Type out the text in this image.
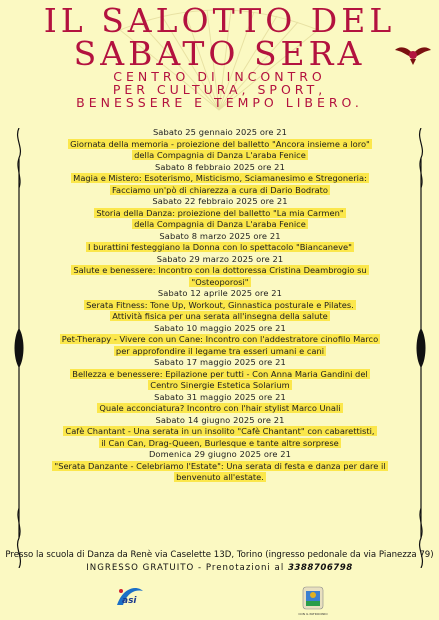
IL SALOTTO DEL
SABATO SERA
CENTRO DI INCONTRO
PER CULTURA, SPORT,
BENESSERE E TEMPO LIBERO.
Sabato 25 gennaio 2025 ore 21
Giornata della memoria - proiezione del balletto "Ancora insieme a loro"
della Compagnia di Danza L'araba Fenice
Sabato 8 febbraio 2025 ore 21
Magia e Mistero: Esoterismo, Misticismo, Sciamanesimo e Stregoneria:
Facciamo un'pò di chiarezza a cura di Dario Bodrato
Sabato 22 febbraio 2025 ore 21
Storia della Danza: proiezione del balletto "La mia Carmen"
della Compagnia di Danza L'araba Fenice
Sabato 8 marzo 2025 ore 21
I burattini festeggiano la Donna con lo spettacolo "Biancaneve"
Sabato 29 marzo 2025 ore 21
Salute e benessere: Incontro con la dottoressa Cristina Deambrogio su
"Osteoporosi"
Sabato 12 aprile 2025 ore 21
Serata Fitness: Tone Up, Workout, Ginnastica posturale e Pilates.
Attività fisica per una serata all'insegna della salute
Sabato 10 maggio 2025 ore 21
Pet-Therapy - Vivere con un Cane: Incontro con l'addestratore cinofilo Marco
per approfondire il legame tra esseri umani e cani
Sabato 17 maggio 2025 ore 21
Bellezza e benessere: Epilazione per tutti - Con Anna Maria Gandini del
Centro Sinergie Estetica Solarium
Sabato 31 maggio 2025 ore 21
Quale acconciatura? Incontro con l'hair stylist Marco Unali
Sabato 14 giugno 2025 ore 21
Cafè Chantant - Una serata in un insolito "Cafè Chantant" con cabarettisti,
il Can Can, Drag-Queen, Burlesque e tante altre sorprese
Domenica 29 giugno 2025 ore 21
"Serata Danzante - Celebriamo l'Estate": Una serata di festa e danza per dare il
benvenuto all'estate.
Presso la scuola di Danza da Renè via Caselette 13D, Torino (ingresso pedonale da via Pianezza 79)
INGRESSO GRATUITO - Prenotazioni al 3388706798
asi
CON IL PATROCINIO
